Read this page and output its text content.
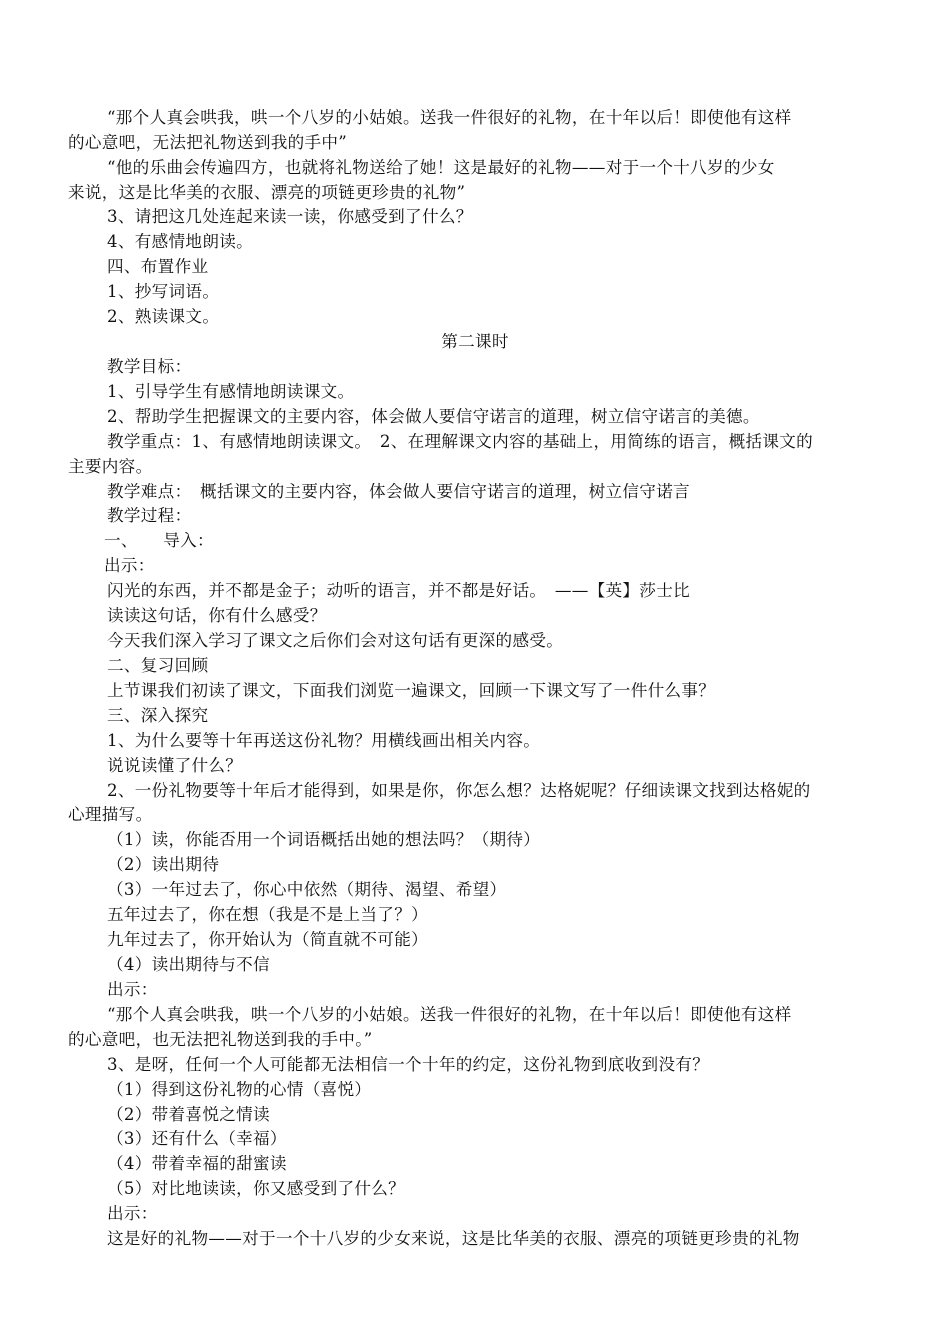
“那个人真会哄我，哄一个八岁的小姑娘。送我一件很好的礼物，在十年以后！即使他有这样
的心意吧，无法把礼物送到我的手中”
“他的乐曲会传遍四方，也就将礼物送给了她！这是最好的礼物——对于一个十八岁的少女
来说，这是比华美的衣服、漂亮的项链更珍贵的礼物”
3、请把这几处连起来读一读，你感受到了什么？
4、有感情地朗读。
四、布置作业
1、抄写词语。
2、熟读课文。
第二课时
教学目标：
1、引导学生有感情地朗读课文。
2、帮助学生把握课文的主要内容，体会做人要信守诺言的道理，树立信守诺言的美德。
教学重点：1、有感情地朗读课文。　2、在理解课文内容的基础上，用简练的语言，概括课文的
主要内容。
教学难点：　概括课文的主要内容，体会做人要信守诺言的道理，树立信守诺言
教学过程：
一、　　导入：
出示：
闪光的东西，并不都是金子；动听的语言，并不都是好话。　——【英】莎士比
读读这句话，你有什么感受？
今天我们深入学习了课文之后你们会对这句话有更深的感受。
二、复习回顾
上节课我们初读了课文，下面我们浏览一遍课文，回顾一下课文写了一件什么事？
三、深入探究
1、为什么要等十年再送这份礼物？用横线画出相关内容。
说说读懂了什么？
2、一份礼物要等十年后才能得到，如果是你，你怎么想？达格妮呢？仔细读课文找到达格妮的
心理描写。
（1）读，你能否用一个词语概括出她的想法吗？（期待）
（2）读出期待
（3）一年过去了，你心中依然（期待、渴望、希望）
五年过去了，你在想（我是不是上当了？）
九年过去了，你开始认为（简直就不可能）
（4）读出期待与不信
出示：
“那个人真会哄我，哄一个八岁的小姑娘。送我一件很好的礼物，在十年以后！即使他有这样
的心意吧，也无法把礼物送到我的手中。”
3、是呀，任何一个人可能都无法相信一个十年的约定，这份礼物到底收到没有？
（1）得到这份礼物的心情（喜悦）
（2）带着喜悦之情读
（3）还有什么（幸福）
（4）带着幸福的甜蜜读
（5）对比地读读，你又感受到了什么？
出示：
这是好的礼物——对于一个十八岁的少女来说，这是比华美的衣服、漂亮的项链更珍贵的礼物
